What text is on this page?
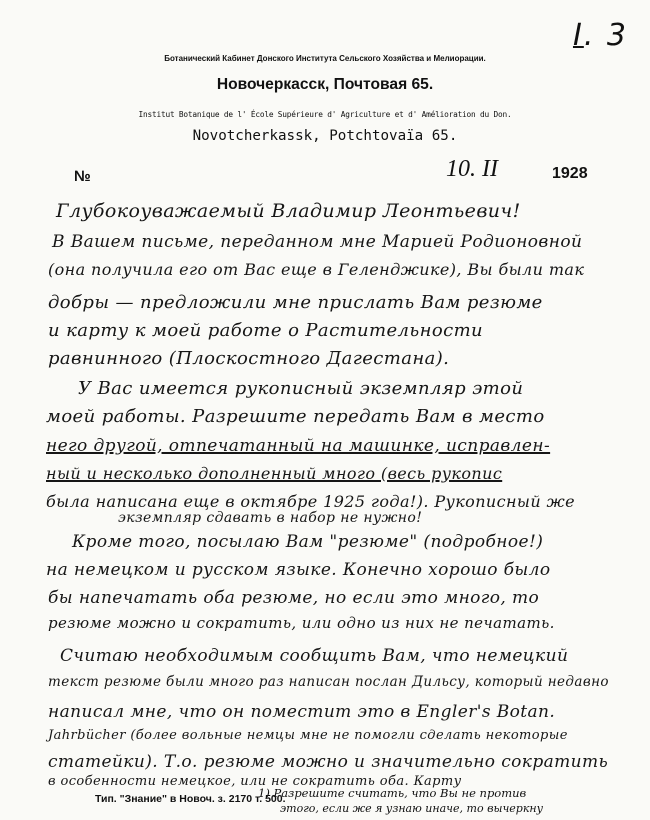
I. 3
Ботанический Кабинет Донского Института Сельского Хозяйства и Мелиорации.
Новочеркасск, Почтовая 65.
Institut Botanique de l' École Supérieure d' Agriculture et d' Amélioration du Don.
Novotcherkassk, Potchtovaïa 65.
№	10. II	1928
Глубокоуважаемый Владимир Леонтьевич!
В Вашем письме, переданном мне Марией Родионовной
(она получила его от Вас еще в Геленджике), Вы были так
добры — предложили мне прислать Вам резюме
и карту к моей работе о Растительности
равнинного (Плоскостного Дагестана).
У Вас имеется рукописный экземпляр этой
моей работы. Разрешите передать Вам в место
него другой, отпечатанный на машинке, исправлен-
ный и несколько дополненный много (весь рукопис
была написана еще в октябре 1925 года!). Рукописный же
экземпляр сдавать в набор не нужно!
Кроме того, посылаю Вам "резюме" (подробное!)
на немецком и русском языке. Конечно хорошо было
бы напечатать оба резюме, но если это много, то
резюме можно и сократить, или одно из них не печатать.
Считаю необходимым сообщить Вам, что немецкий
текст резюме были много раз написан послан Дильсу, который недавно
написал мне, что он поместит это в Engler's Botan.
Jahrbücher (более вольные немцы мне не помогли сделать некоторые
статейки). Т.о. резюме можно и значительно сократить
в особенности немецкое, или не сократить оба. Карту
Тип. "Знание" в Новоч. з. 2170 т. 500.
1) Разрешите считать, что Вы не против
этого, если же я узнаю иначе, то вычеркну
